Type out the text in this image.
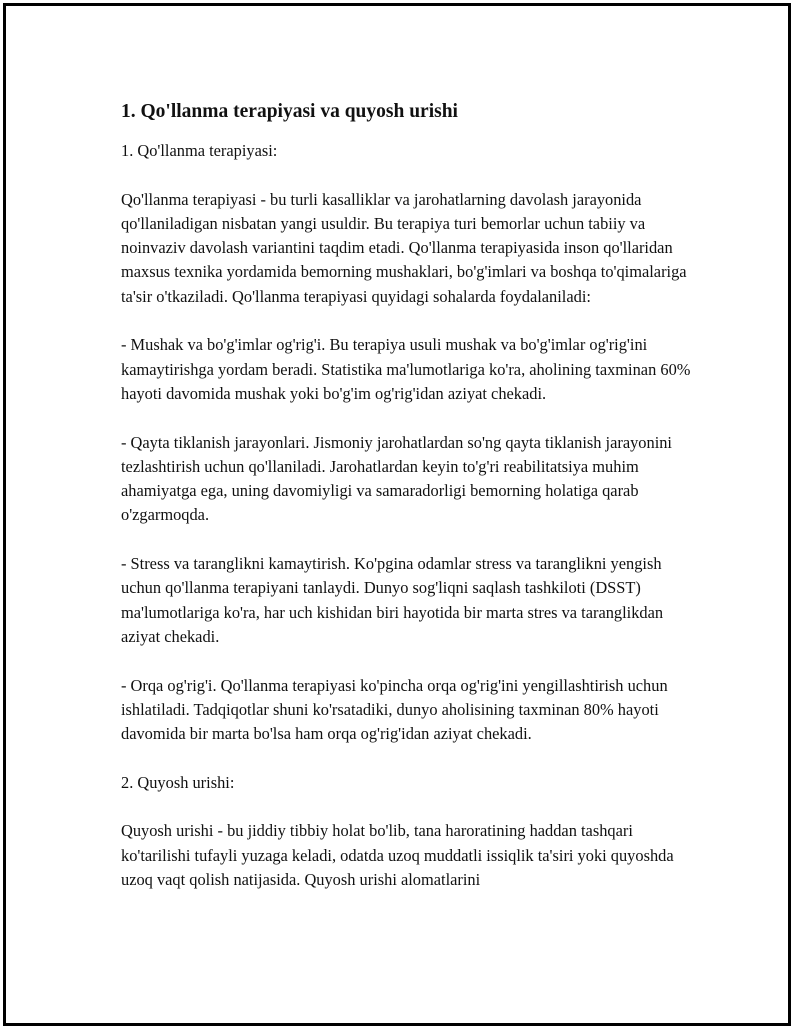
1. Qo'llanma terapiyasi va quyosh urishi

1. Qo'llanma terapiyasi:

Qo'llanma terapiyasi - bu turli kasalliklar va jarohatlarning davolash jarayonida qo'llaniladigan nisbatan yangi usuldir. Bu terapiya turi bemorlar uchun tabiiy va noinvaziv davolash variantini taqdim etadi. Qo'llanma terapiyasida inson qo'llaridan maxsus texnika yordamida bemorning mushaklari, bo'g'imlari va boshqa to'qimalariga ta'sir o'tkaziladi. Qo'llanma terapiyasi quyidagi sohalarda foydalaniladi:

- Mushak va bo'g'imlar og'rig'i. Bu terapiya usuli mushak va bo'g'imlar og'rig'ini kamaytirishga yordam beradi. Statistika ma'lumotlariga ko'ra, aholining taxminan 60% hayoti davomida mushak yoki bo'g'im og'rig'idan aziyat chekadi.

- Qayta tiklanish jarayonlari. Jismoniy jarohatlardan so'ng qayta tiklanish jarayonini tezlashtirish uchun qo'llaniladi. Jarohatlardan keyin to'g'ri reabilitatsiya muhim ahamiyatga ega, uning davomiyligi va samaradorligi bemorning holatiga qarab o'zgarmoqda.

- Stress va taranglikni kamaytirish. Ko'pgina odamlar stress va taranglikni yengish uchun qo'llanma terapiyani tanlaydi. Dunyo sog'liqni saqlash tashkiloti (DSST) ma'lumotlariga ko'ra, har uch kishidan biri hayotida bir marta stres va taranglikdan aziyat chekadi.

- Orqa og'rig'i. Qo'llanma terapiyasi ko'pincha orqa og'rig'ini yengillashtirish uchun ishlatiladi. Tadqiqotlar shuni ko'rsatadiki, dunyo aholisining taxminan 80% hayoti davomida bir marta bo'lsa ham orqa og'rig'idan aziyat chekadi.

2. Quyosh urishi:

Quyosh urishi - bu jiddiy tibbiy holat bo'lib, tana haroratining haddan tashqari ko'tarilishi tufayli yuzaga keladi, odatda uzoq muddatli issiqlik ta'siri yoki quyoshda uzoq vaqt qolish natijasida. Quyosh urishi alomatlarini
